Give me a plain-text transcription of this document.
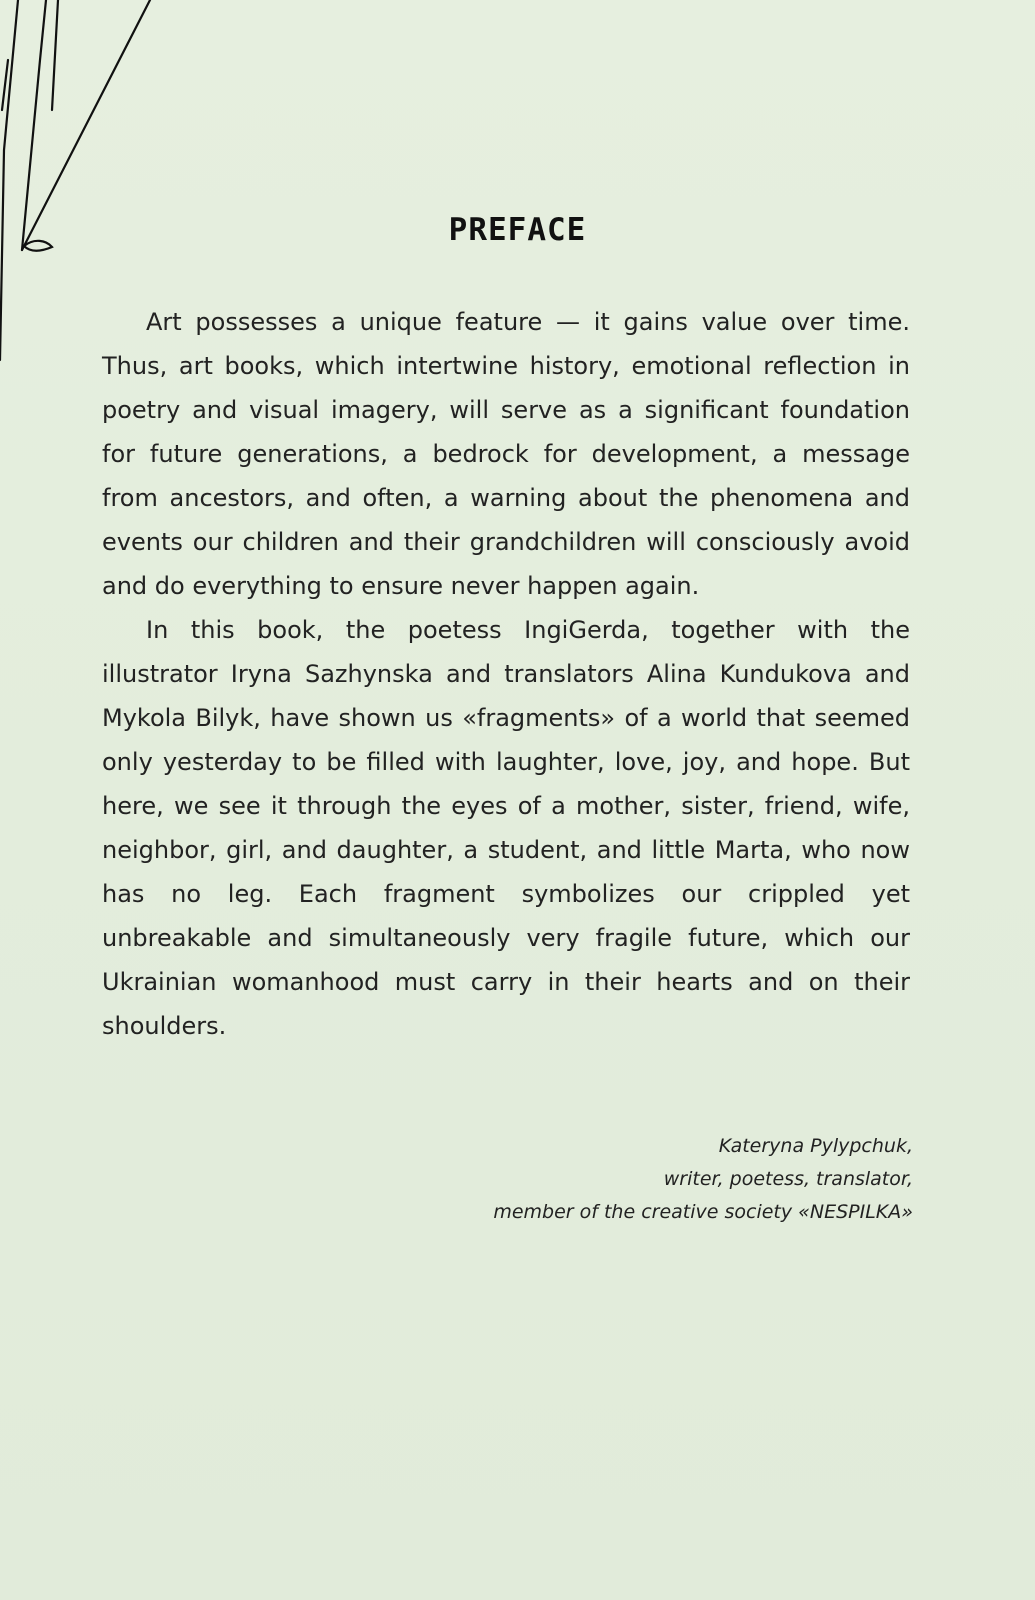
PREFACE

Art possesses a unique feature — it gains value over time. Thus, art books, which intertwine history, emotional reflection in poetry and visual imagery, will serve as a significant foundation for future generations, a bedrock for development, a message from ancestors, and often, a warning about the phenomena and events our children and their grandchildren will consciously avoid and do everything to ensure never happen again.

In this book, the poetess IngiGerda, together with the illustrator Iryna Sazhynska and translators Alina Kundukova and Mykola Bilyk, have shown us «fragments» of a world that seemed only yesterday to be filled with laughter, love, joy, and hope. But here, we see it through the eyes of a mother, sister, friend, wife, neighbor, girl, and daughter, a student, and little Marta, who now has no leg. Each fragment symbolizes our crippled yet unbreakable and simultaneously very fragile future, which our Ukrainian womanhood must carry in their hearts and on their shoulders.

Kateryna Pylypchuk,
writer, poetess, translator,
member of the creative society «NESPILKA»
